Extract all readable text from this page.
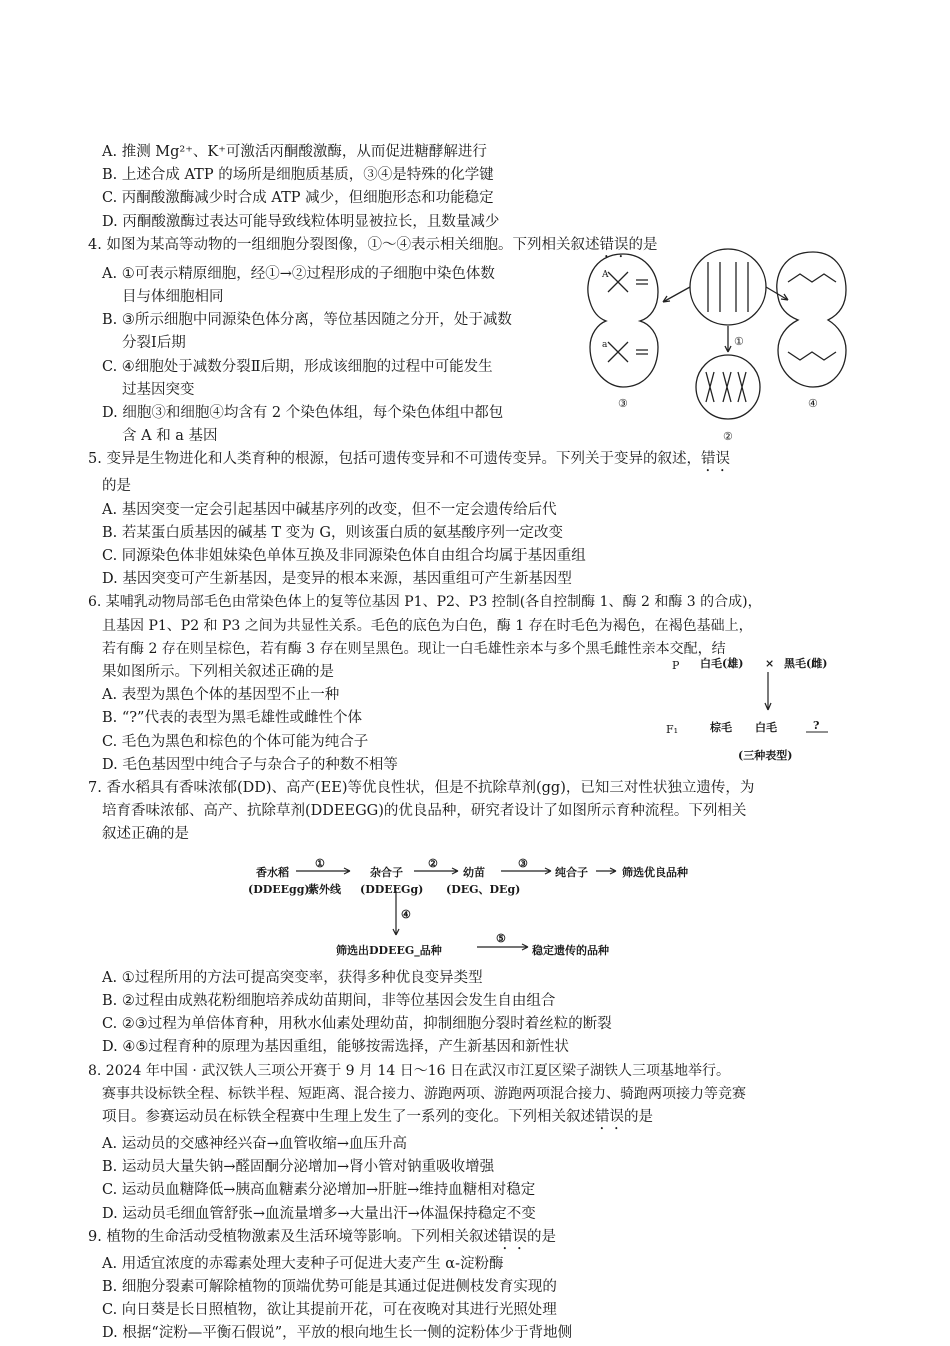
A. 推测 Mg²⁺、K⁺可激活丙酮酸激酶，从而促进糖酵解进行
B. 上述合成 ATP 的场所是细胞质基质，③④是特殊的化学键
C. 丙酮酸激酶减少时合成 ATP 减少，但细胞形态和功能稳定
D. 丙酮酸激酶过表达可能导致线粒体明显被拉长，且数量减少
4. 如图为某高等动物的一组细胞分裂图像，①～④表示相关细胞。下列相关叙述错误的是
A. ①可表示精原细胞，经①→②过程形成的子细胞中染色体数
目与体细胞相同
B. ③所示细胞中同源染色体分离，等位基因随之分开，处于减数
分裂Ⅰ后期
C. ④细胞处于减数分裂Ⅱ后期，形成该细胞的过程中可能发生
过基因突变
D. 细胞③和细胞④均含有 2 个染色体组，每个染色体组中都包
含 A 和 a 基因
③
②
④
①
A
a
5. 变异是生物进化和人类育种的根源，包括可遗传变异和不可遗传变异。下列关于变异的叙述，错误
的是
A. 基因突变一定会引起基因中碱基序列的改变，但不一定会遗传给后代
B. 若某蛋白质基因的碱基 T 变为 G，则该蛋白质的氨基酸序列一定改变
C. 同源染色体非姐妹染色单体互换及非同源染色体自由组合均属于基因重组
D. 基因突变可产生新基因，是变异的根本来源，基因重组可产生新基因型
6. 某哺乳动物局部毛色由常染色体上的复等位基因 P1、P2、P3 控制(各自控制酶 1、酶 2 和酶 3 的合成)，
且基因 P1、P2 和 P3 之间为共显性关系。毛色的底色为白色，酶 1 存在时毛色为褐色，在褐色基础上，
若有酶 2 存在则呈棕色，若有酶 3 存在则呈黑色。现让一白毛雄性亲本与多个黑毛雌性亲本交配，结
果如图所示。下列相关叙述正确的是
A. 表型为黑色个体的基因型不止一种
B. “?”代表的表型为黑毛雄性或雌性个体
C. 毛色为黑色和棕色的个体可能为纯合子
D. 毛色基因型中纯合子与杂合子的种数不相等
P 白毛(雄) × 黑毛(雌)
F₁	棕毛 白毛	?
(三种表型)
7. 香水稻具有香味浓郁(DD)、高产(EE)等优良性状，但是不抗除草剂(gg)，已知三对性状独立遗传，为
培育香味浓郁、高产、抗除草剂(DDEEGG)的优良品种，研究者设计了如图所示育种流程。下列相关
叙述正确的是
香水稻
(DDEEgg)
①
紫外线
杂合子
(DDEEGg)
②
幼苗
(DEG、DEg)
③
纯合子	筛选优良品种
④
筛选出DDEEG_品种
⑤
稳定遗传的品种
A. ①过程所用的方法可提高突变率，获得多种优良变异类型
B. ②过程由成熟花粉细胞培养成幼苗期间，非等位基因会发生自由组合
C. ②③过程为单倍体育种，用秋水仙素处理幼苗，抑制细胞分裂时着丝粒的断裂
D. ④⑤过程育种的原理为基因重组，能够按需选择，产生新基因和新性状
8. 2024 年中国 · 武汉铁人三项公开赛于 9 月 14 日～16 日在武汉市江夏区梁子湖铁人三项基地举行。
赛事共设标铁全程、标铁半程、短距离、混合接力、游跑两项、游跑两项混合接力、骑跑两项接力等竞赛
项目。参赛运动员在标铁全程赛中生理上发生了一系列的变化。下列相关叙述错误的是
A. 运动员的交感神经兴奋→血管收缩→血压升高
B. 运动员大量失钠→醛固酮分泌增加→肾小管对钠重吸收增强
C. 运动员血糖降低→胰高血糖素分泌增加→肝脏→维持血糖相对稳定
D. 运动员毛细血管舒张→血流量增多→大量出汗→体温保持稳定不变
9. 植物的生命活动受植物激素及生活环境等影响。下列相关叙述错误的是
A. 用适宜浓度的赤霉素处理大麦种子可促进大麦产生 α-淀粉酶
B. 细胞分裂素可解除植物的顶端优势可能是其通过促进侧枝发育实现的
C. 向日葵是长日照植物，欲让其提前开花，可在夜晚对其进行光照处理
D. 根据“淀粉—平衡石假说”，平放的根向地生长一侧的淀粉体少于背地侧
